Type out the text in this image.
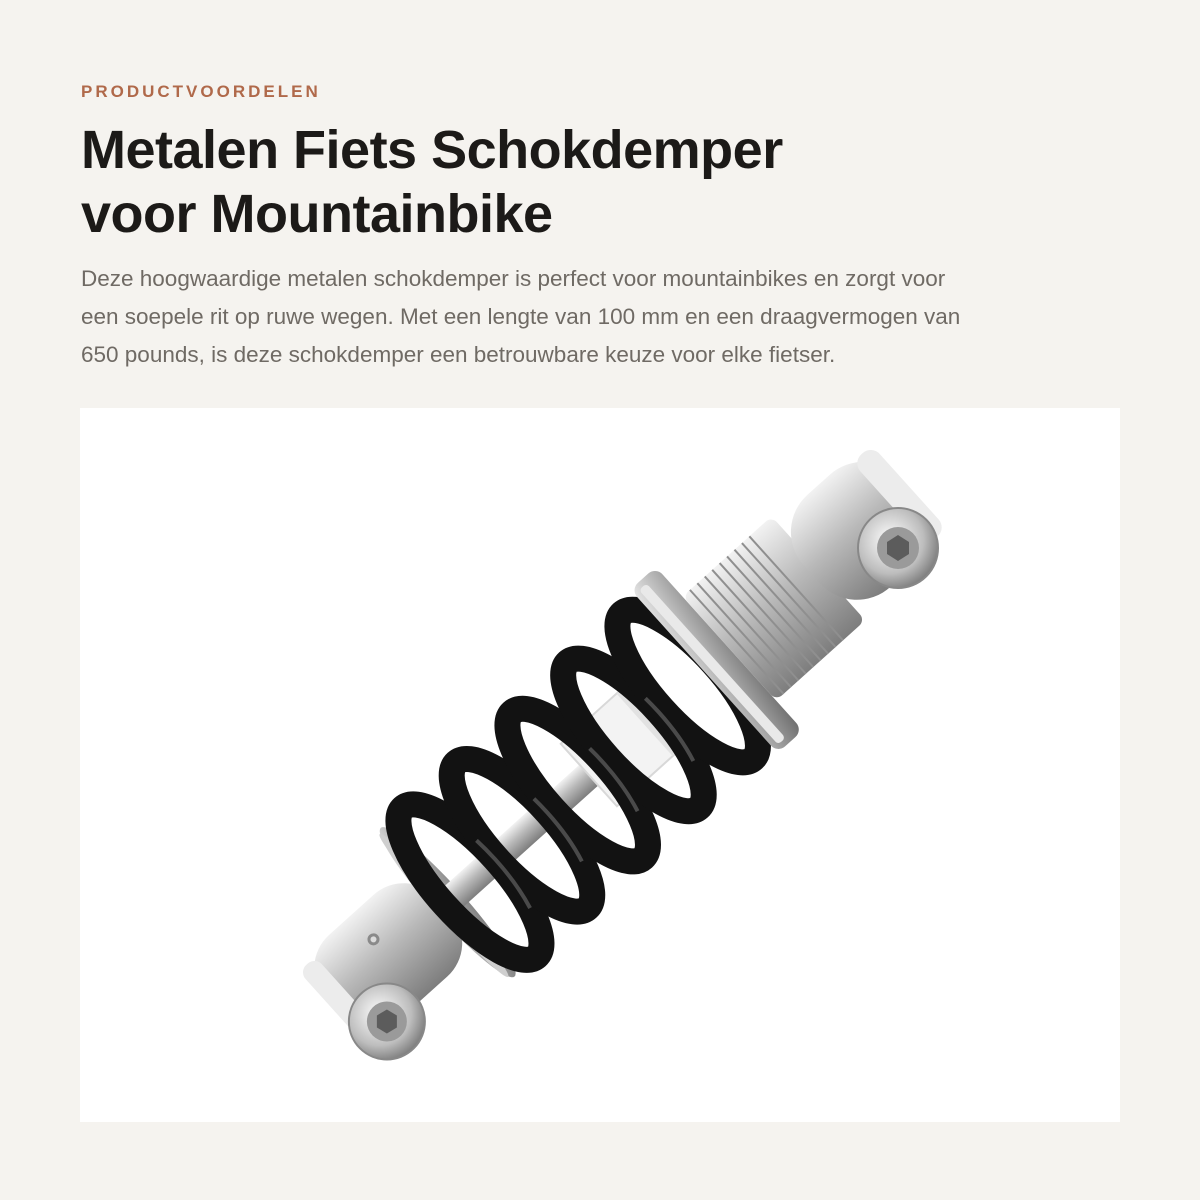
PRODUCTVOORDELEN
Metalen Fiets Schokdemper
voor Mountainbike

Deze hoogwaardige metalen schokdemper is perfect voor mountainbikes en zorgt voor
een soepele rit op ruwe wegen. Met een lengte van 100 mm en een draagvermogen van
650 pounds, is deze schokdemper een betrouwbare keuze voor elke fietser.
